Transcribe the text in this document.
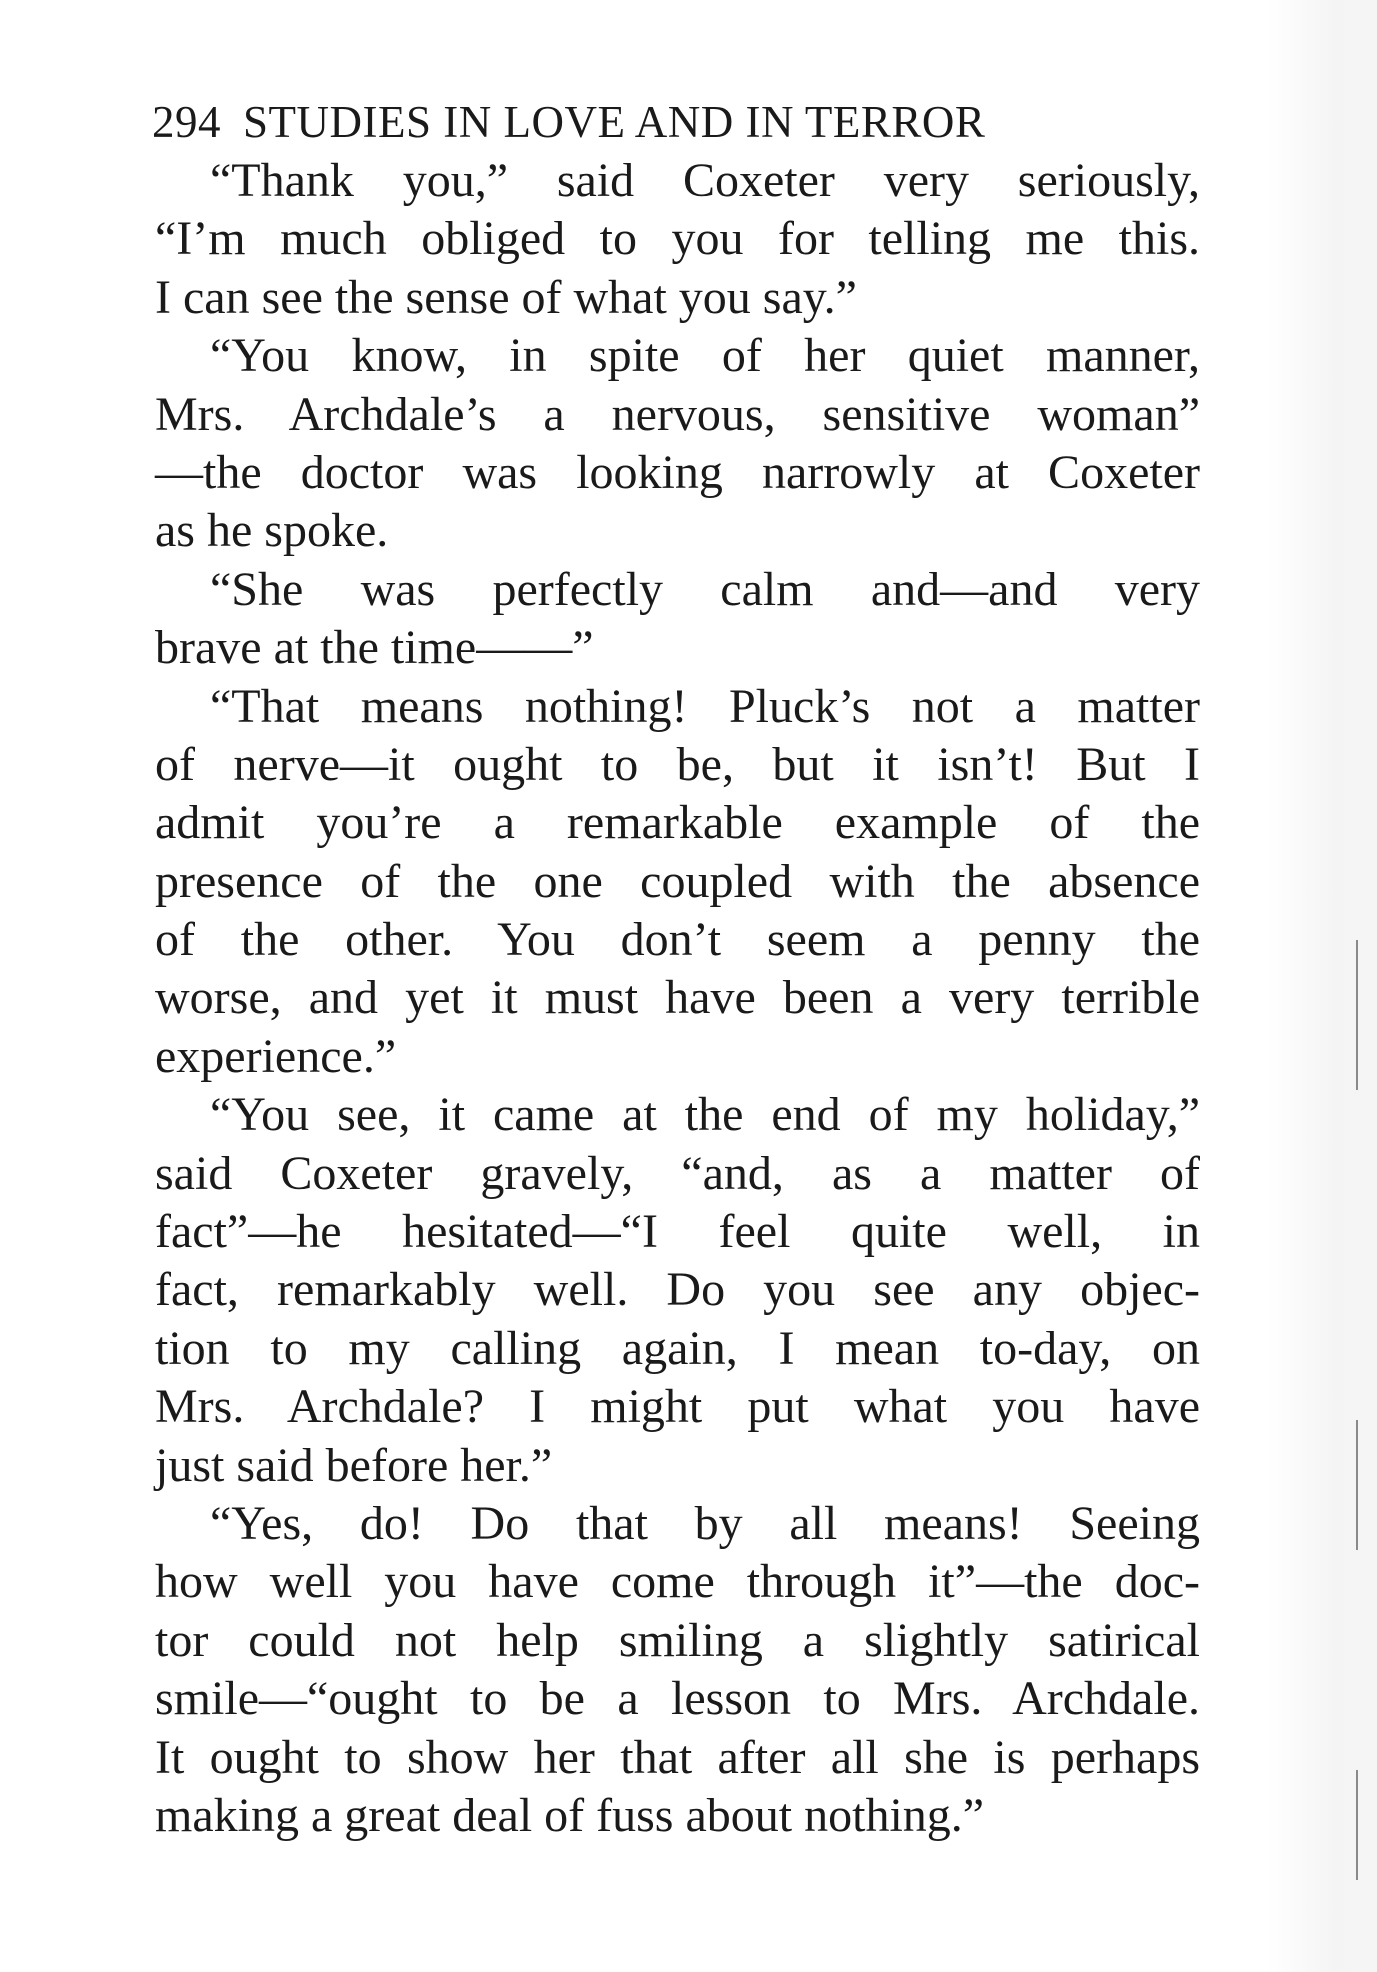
294 STUDIES IN LOVE AND IN TERROR
“Thank you,” said Coxeter very seriously,
“I’m much obliged to you for telling me this.
I can see the sense of what you say.”
“You know, in spite of her quiet manner,
Mrs. Archdale’s a nervous, sensitive woman”
—the doctor was looking narrowly at Coxeter
as he spoke.
“She was perfectly calm and—and very
brave at the time——”
“That means nothing! Pluck’s not a matter
of nerve—it ought to be, but it isn’t! But I
admit you’re a remarkable example of the
presence of the one coupled with the absence
of the other. You don’t seem a penny the
worse, and yet it must have been a very terrible
experience.”
“You see, it came at the end of my holiday,”
said Coxeter gravely, “and, as a matter of
fact”—he hesitated—“I feel quite well, in
fact, remarkably well. Do you see any objec-
tion to my calling again, I mean to-day, on
Mrs. Archdale? I might put what you have
just said before her.”
“Yes, do! Do that by all means! Seeing
how well you have come through it”—the doc-
tor could not help smiling a slightly satirical
smile—“ought to be a lesson to Mrs. Archdale.
It ought to show her that after all she is perhaps
making a great deal of fuss about nothing.”
